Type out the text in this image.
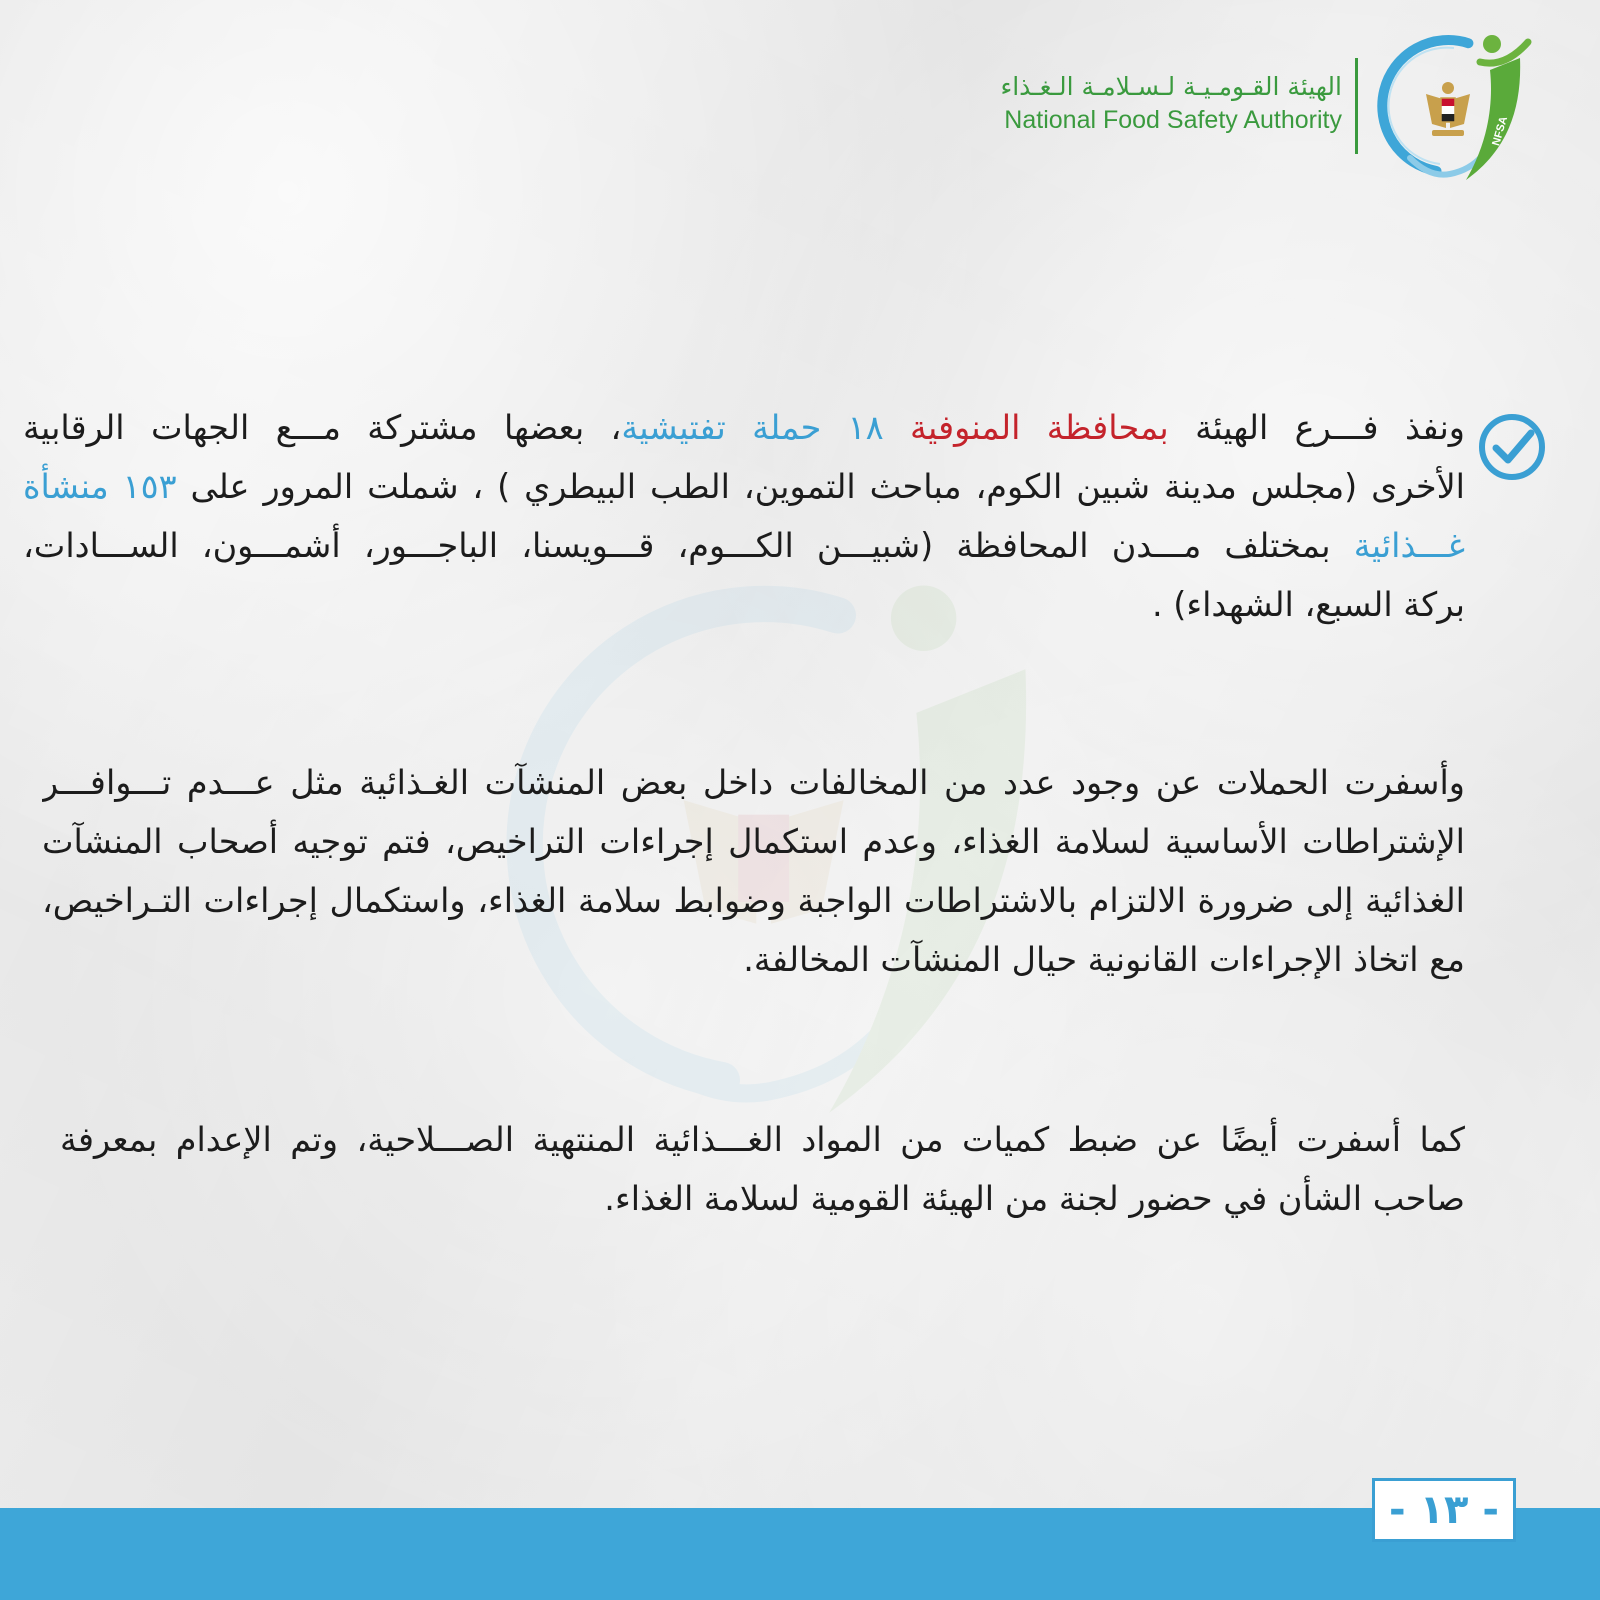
الهيئة القـومـيـة لـسـلامـة الـغـذاء
National Food Safety Authority	NFSA
ونفذ فـــرع الهيئة بمحافظة المنوفية ١٨ حملة تفتيشية، بعضها مشتركة مـــع الجهات الرقابية
الأخرى (مجلس مدينة شبين الكوم، مباحث التموين، الطب البيطري ) ، شملت المرور على ١٥٣ منشأة
غـــذائية بمختلف مـــدن المحافظة (شبيـــن الكـــوم، قـــويسنا، الباجـــور، أشمـــون، الســـادات،
بركة السبع، الشهداء) .
وأسفرت الحملات عن وجود عدد من المخالفات داخل بعض المنشآت الغـذائية مثل عـــدم تـــوافـــر
الإشتراطات الأساسية لسلامة الغذاء، وعدم استكمال إجراءات التراخيص، فتم توجيه أصحاب المنشآت
الغذائية إلى ضرورة الالتزام بالاشتراطات الواجبة وضوابط سلامة الغذاء، واستكمال إجراءات التـراخيص،
مع اتخاذ الإجراءات القانونية حيال المنشآت المخالفة.
كما أسفرت أيضًا عن ضبط كميات من المواد الغـــذائية المنتهية الصـــلاحية، وتم الإعدام بمعرفة
صاحب الشأن في حضور لجنة من الهيئة القومية لسلامة الغذاء.
- ١٣ -
